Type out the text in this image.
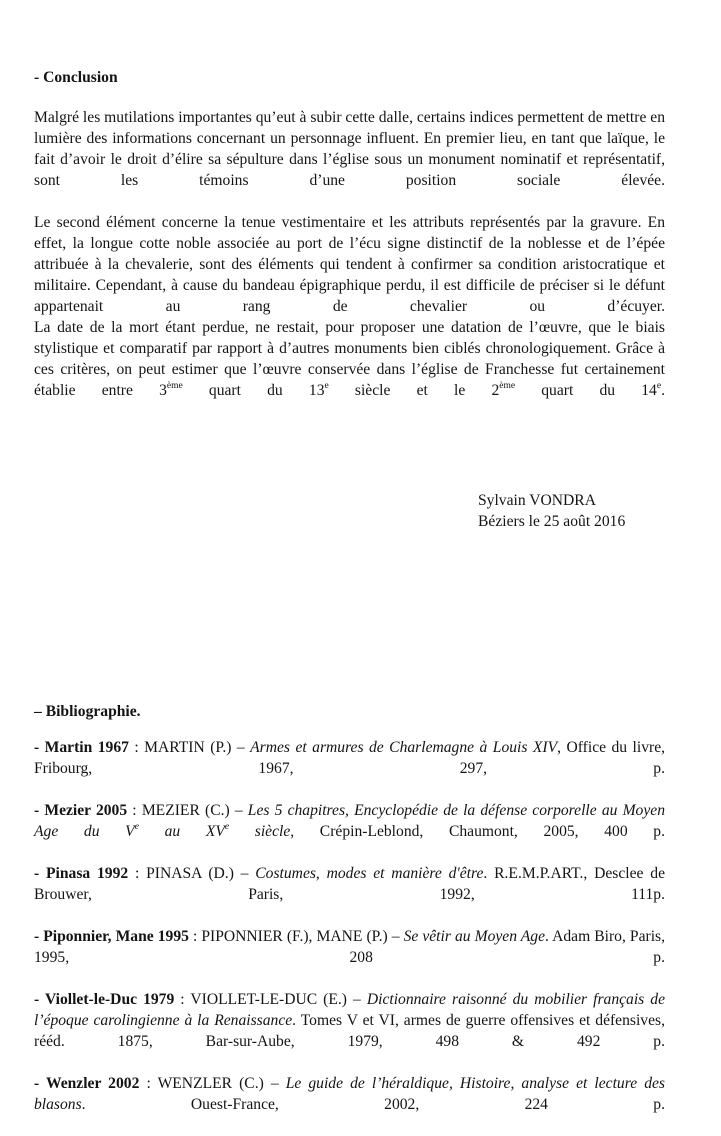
- Conclusion

Malgré les mutilations importantes qu’eut à subir cette dalle, certains indices permettent de mettre en lumière des informations concernant un personnage influent. En premier lieu, en tant que laïque, le fait d’avoir le droit d’élire sa sépulture dans l’église sous un monument nominatif et représentatif, sont les témoins d’une position sociale élevée.

Le second élément concerne la tenue vestimentaire et les attributs représentés par la gravure. En effet, la longue cotte noble associée au port de l’écu signe distinctif de la noblesse et de l’épée attribuée à la chevalerie, sont des éléments qui tendent à confirmer sa condition aristocratique et militaire. Cependant, à cause du bandeau épigraphique perdu, il est difficile de préciser si le défunt appartenait au rang de chevalier ou d’écuyer.

La date de la mort étant perdue, ne restait, pour proposer une datation de l’œuvre, que le biais stylistique et comparatif par rapport à d’autres monuments bien ciblés chronologiquement. Grâce à ces critères, on peut estimer que l’œuvre conservée dans l’église de Franchesse fut certainement établie entre 3ème quart du 13e siècle et le 2ème quart du 14e.

Sylvain VONDRA
Béziers le 25 août 2016
– Bibliographie.
- Martin 1967 : MARTIN (P.) – Armes et armures de Charlemagne à Louis XIV, Office du livre, Fribourg, 1967, 297, p.
- Mezier 2005 : MEZIER (C.) – Les 5 chapitres, Encyclopédie de la défense corporelle au Moyen Age du Ve au XVe siècle, Crépin-Leblond, Chaumont, 2005, 400 p.
- Pinasa 1992 : PINASA (D.) – Costumes, modes et manière d'être. R.E.M.P.ART., Desclee de Brouwer, Paris, 1992, 111p.
- Piponnier, Mane 1995 : PIPONNIER (F.), MANE (P.) – Se vêtir au Moyen Age. Adam Biro, Paris, 1995, 208 p.
- Viollet-le-Duc 1979 : VIOLLET-LE-DUC (E.) – Dictionnaire raisonné du mobilier français de l’époque carolingienne à la Renaissance. Tomes V et VI, armes de guerre offensives et défensives, rééd. 1875, Bar-sur-Aube, 1979, 498 & 492 p.
- Wenzler 2002 : WENZLER (C.) – Le guide de l’héraldique, Histoire, analyse et lecture des blasons. Ouest-France, 2002, 224 p.
